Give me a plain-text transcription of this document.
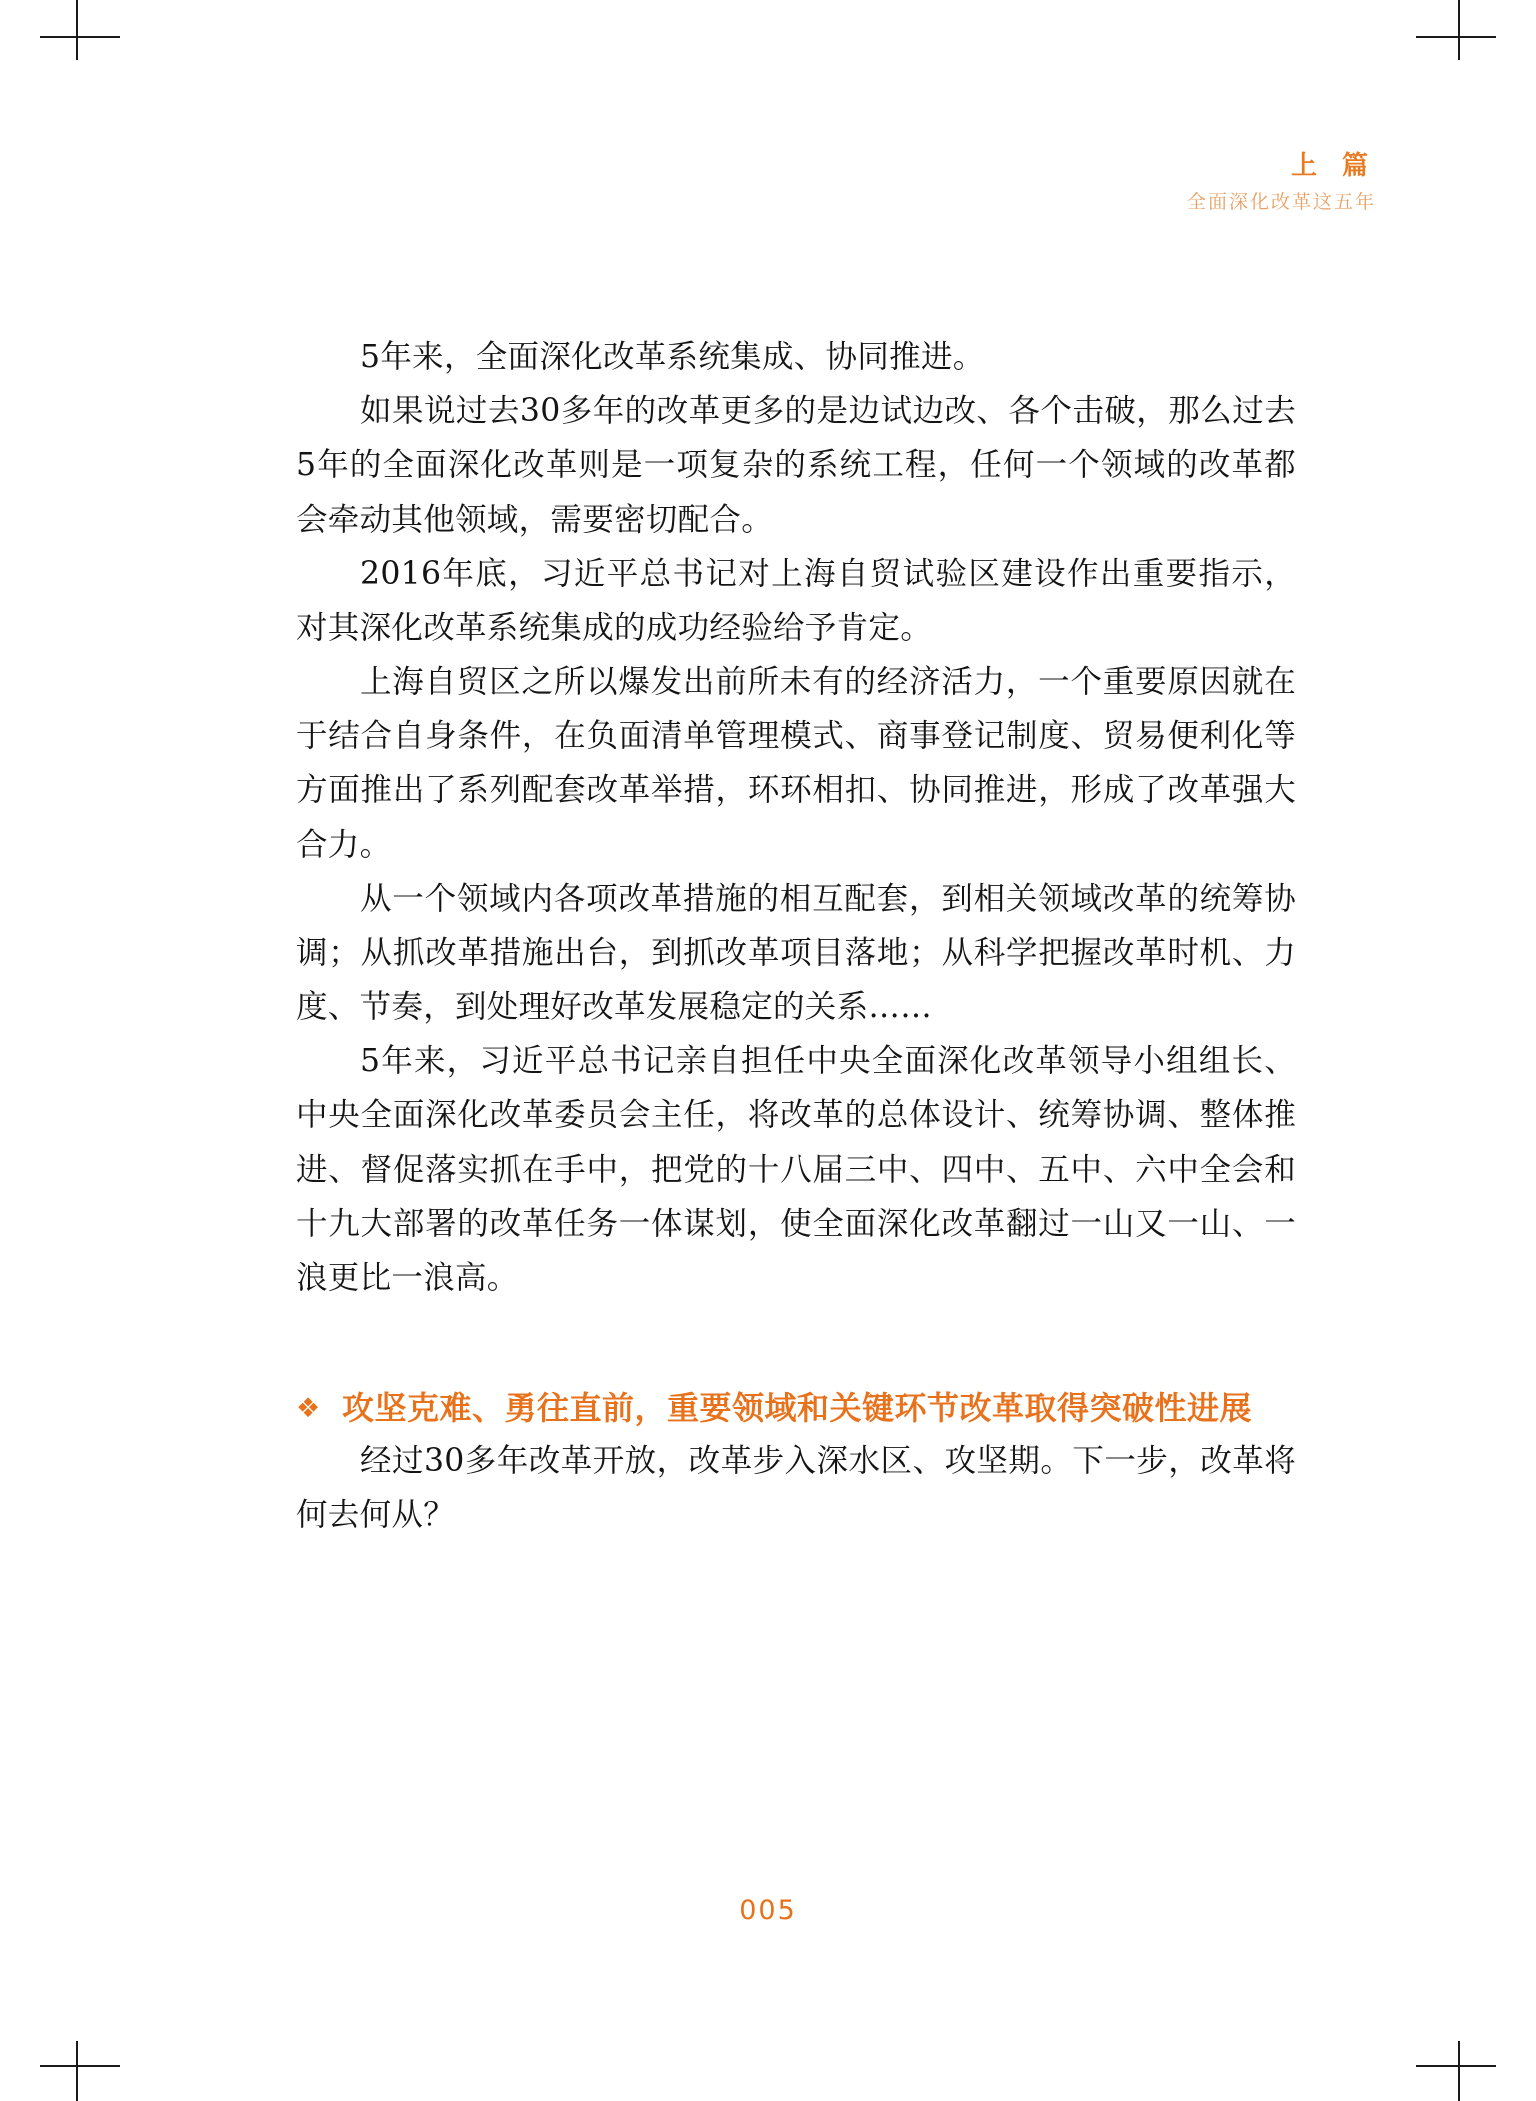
上 篇
全面深化改革这五年

5年来，全面深化改革系统集成、协同推进。

如果说过去30多年的改革更多的是边试边改、各个击破，那么过去5年的全面深化改革则是一项复杂的系统工程，任何一个领域的改革都会牵动其他领域，需要密切配合。

2016年底，习近平总书记对上海自贸试验区建设作出重要指示，对其深化改革系统集成的成功经验给予肯定。

上海自贸区之所以爆发出前所未有的经济活力，一个重要原因就在于结合自身条件，在负面清单管理模式、商事登记制度、贸易便利化等方面推出了系列配套改革举措，环环相扣、协同推进，形成了改革强大合力。

从一个领域内各项改革措施的相互配套，到相关领域改革的统筹协调；从抓改革措施出台，到抓改革项目落地；从科学把握改革时机、力度、节奏，到处理好改革发展稳定的关系……

5年来，习近平总书记亲自担任中央全面深化改革领导小组组长、中央全面深化改革委员会主任，将改革的总体设计、统筹协调、整体推进、督促落实抓在手中，把党的十八届三中、四中、五中、六中全会和十九大部署的改革任务一体谋划，使全面深化改革翻过一山又一山、一浪更比一浪高。

❖ 攻坚克难、勇往直前，重要领域和关键环节改革取得突破性进展

经过30多年改革开放，改革步入深水区、攻坚期。下一步，改革将何去何从？

005
